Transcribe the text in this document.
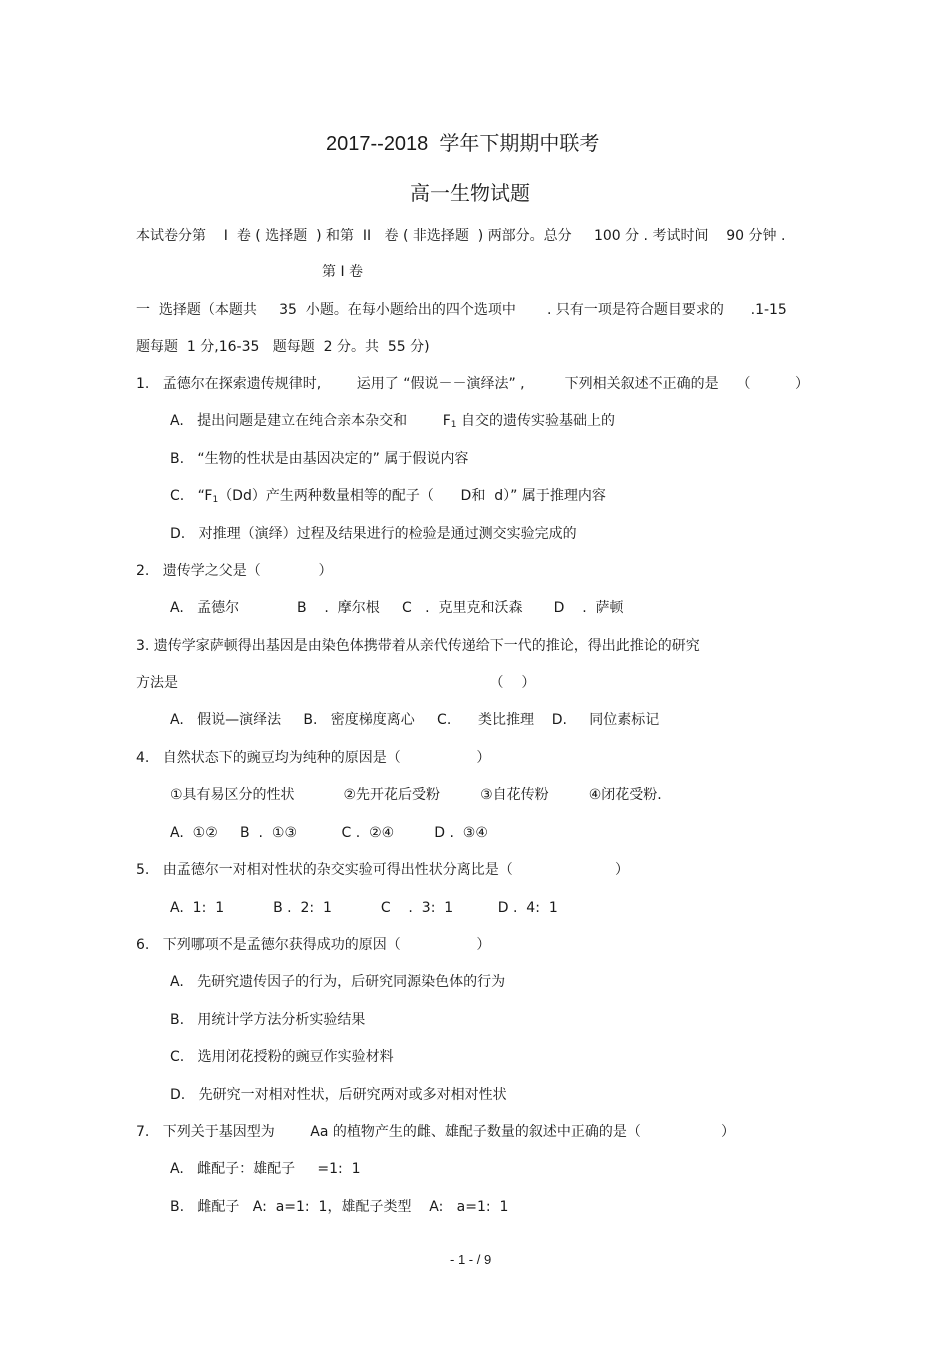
2017--2018  学年下期期中联考
高一生物试题
本试卷分第    I  卷 ( 选择题  ) 和第  II   卷 ( 非选择题  ) 两部分。总分     100 分 . 考试时间    90 分钟 .
第 I 卷
一  选择题（本题共     35  小题。在每小题给出的四个选项中       . 只有一项是符合题目要求的      .1-15
题每题  1 分,16-35   题每题  2 分。共  55 分)
1.   孟德尔在探索遗传规律时,        运用了 “假说－－演绎法” ,         下列相关叙述不正确的是    （          ）
A.   提出问题是建立在纯合亲本杂交和        $F_1$ 自交的遗传实验基础上的
B.   “生物的性状是由基因决定的” 属于假说内容
C.   “$F_1(Dd)$产生两种数量相等的配子（      D和  d）” 属于推理内容
D.   对推理（演绎）过程及结果进行的检验是通过测交实验完成的
2.   遗传学之父是（             ）
A.   孟德尔             B    .  摩尔根     C   .  克里克和沃森       D    .  萨顿
3. 遗传学家萨顿得出基因是由染色体携带着从亲代传递给下一代的推论，得出此推论的研究
方法是                                                                      （    ）
A.   假说—演绎法     B.   密度梯度离心     C.      类比推理    D.     同位素标记
4.   自然状态下的豌豆均为纯种的原因是（                 ）
①具有易区分的性状           ②先开花后受粉         ③自花传粉         ④闭花受粉.
A.  ①②     B  .  ①③          C .  ②④         D .  ③④
5.   由孟德尔一对相对性状的杂交实验可得出性状分离比是（                       ）
A.  1:  1           B .  2:  1           C    .  3:  1          D .  4:  1
6.   下列哪项不是孟德尔获得成功的原因（                 ）
A.   先研究遗传因子的行为，后研究同源染色体的行为
B.   用统计学方法分析实验结果
C.   选用闭花授粉的豌豆作实验材料
D.   先研究一对相对性状，后研究两对或多对相对性状
7.   下列关于基因型为        Aa 的植物产生的雌、雄配子数量的叙述中正确的是（                  ）
A.   雌配子：雄配子     =1:  1
B.   雌配子   A:  a=1:  1，雄配子类型    A:   a=1:  1
- 1 - / 9
